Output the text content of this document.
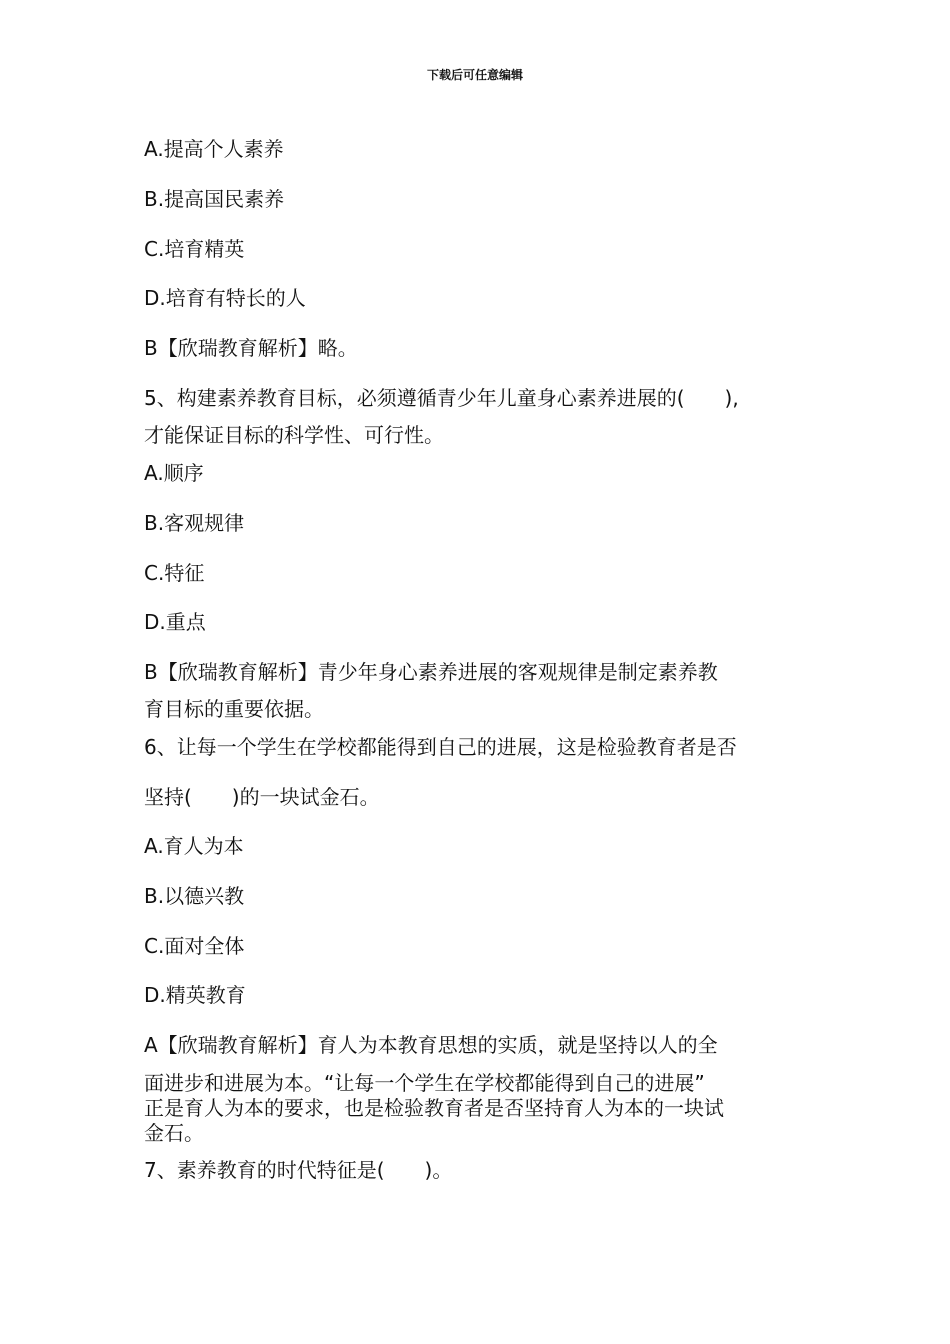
下载后可任意编辑
A.提高个人素养
B.提高国民素养
C.培育精英
D.培育有特长的人
B【欣瑞教育解析】略。
5、构建素养教育目标，必须遵循青少年儿童身心素养进展的(　　),
才能保证目标的科学性、可行性。
A.顺序
B.客观规律
C.特征
D.重点
B【欣瑞教育解析】青少年身心素养进展的客观规律是制定素养教
育目标的重要依据。
6、让每一个学生在学校都能得到自己的进展，这是检验教育者是否
坚持(　　)的一块试金石。
A.育人为本
B.以德兴教
C.面对全体
D.精英教育
A【欣瑞教育解析】育人为本教育思想的实质，就是坚持以人的全
面进步和进展为本。“让每一个学生在学校都能得到自己的进展”
正是育人为本的要求，也是检验教育者是否坚持育人为本的一块试
金石。
7、素养教育的时代特征是(　　)。
